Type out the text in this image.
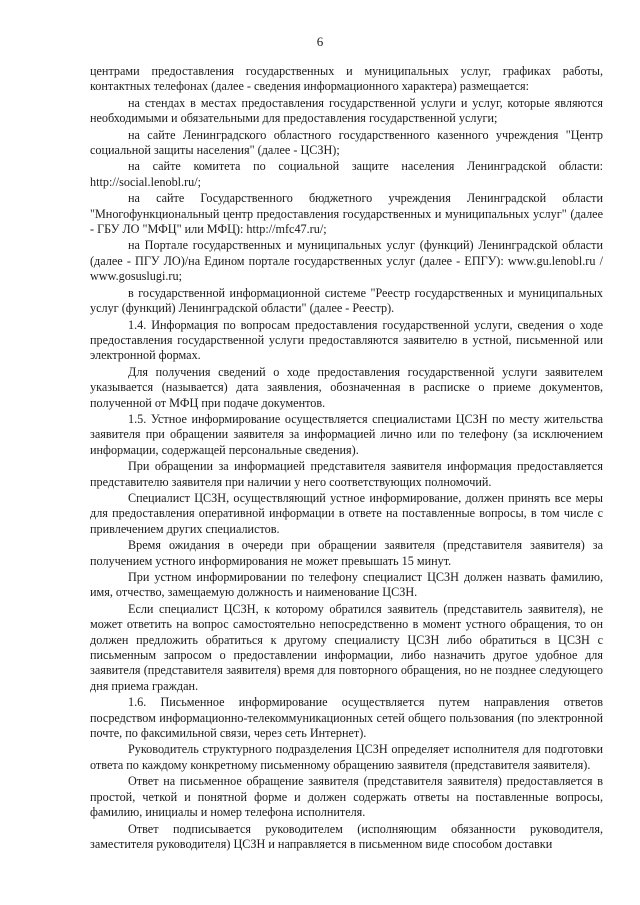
6

центрами предоставления государственных и муниципальных услуг, графиках работы, контактных телефонах (далее - сведения информационного характера) размещается:

на стендах в местах предоставления государственной услуги и услуг, которые являются необходимыми и обязательными для предоставления государственной услуги;

на сайте Ленинградского областного государственного казенного учреждения "Центр социальной защиты населения" (далее - ЦСЗН);

на сайте комитета по социальной защите населения Ленинградской области: http://social.lenobl.ru/;

на сайте Государственного бюджетного учреждения Ленинградской области "Многофункциональный центр предоставления государственных и муниципальных услуг" (далее - ГБУ ЛО "МФЦ" или МФЦ): http://mfc47.ru/;

на Портале государственных и муниципальных услуг (функций) Ленинградской области (далее - ПГУ ЛО)/на Едином портале государственных услуг (далее - ЕПГУ): www.gu.lenobl.ru / www.gosuslugi.ru;

в государственной информационной системе "Реестр государственных и муниципальных услуг (функций) Ленинградской области" (далее - Реестр).

1.4. Информация по вопросам предоставления государственной услуги, сведения о ходе предоставления государственной услуги предоставляются заявителю в устной, письменной или электронной формах.

Для получения сведений о ходе предоставления государственной услуги заявителем указывается (называется) дата заявления, обозначенная в расписке о приеме документов, полученной от МФЦ при подаче документов.

1.5. Устное информирование осуществляется специалистами ЦСЗН по месту жительства заявителя при обращении заявителя за информацией лично или по телефону (за исключением информации, содержащей персональные сведения).

При обращении за информацией представителя заявителя информация предоставляется представителю заявителя при наличии у него соответствующих полномочий.

Специалист ЦСЗН, осуществляющий устное информирование, должен принять все меры для предоставления оперативной информации в ответе на поставленные вопросы, в том числе с привлечением других специалистов.

Время ожидания в очереди при обращении заявителя (представителя заявителя) за получением устного информирования не может превышать 15 минут.

При устном информировании по телефону специалист ЦСЗН должен назвать фамилию, имя, отчество, замещаемую должность и наименование ЦСЗН.

Если специалист ЦСЗН, к которому обратился заявитель (представитель заявителя), не может ответить на вопрос самостоятельно непосредственно в момент устного обращения, то он должен предложить обратиться к другому специалисту ЦСЗН либо обратиться в ЦСЗН с письменным запросом о предоставлении информации, либо назначить другое удобное для заявителя (представителя заявителя) время для повторного обращения, но не позднее следующего дня приема граждан.

1.6. Письменное информирование осуществляется путем направления ответов посредством информационно-телекоммуникационных сетей общего пользования (по электронной почте, по факсимильной связи, через сеть Интернет).

Руководитель структурного подразделения ЦСЗН определяет исполнителя для подготовки ответа по каждому конкретному письменному обращению заявителя (представителя заявителя).

Ответ на письменное обращение заявителя (представителя заявителя) предоставляется в простой, четкой и понятной форме и должен содержать ответы на поставленные вопросы, фамилию, инициалы и номер телефона исполнителя.

Ответ подписывается руководителем (исполняющим обязанности руководителя, заместителя руководителя) ЦСЗН и направляется в письменном виде способом доставки
